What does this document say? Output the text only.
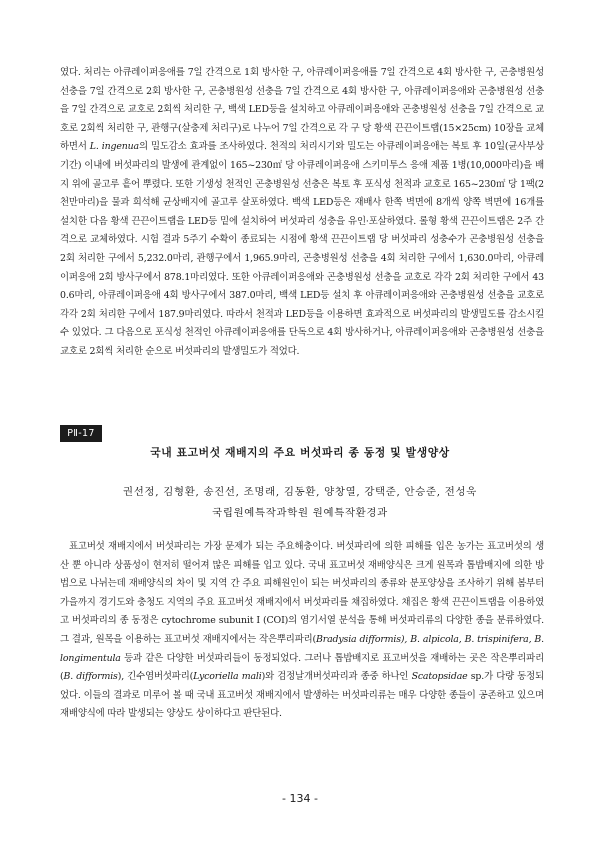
였다. 처리는 아큐레이퍼응애를 7일 간격으로 1회 방사한 구, 아큐레이퍼응애를 7일 간격으로 4회 방사한 구, 곤충병원성 선충을 7일 간격으로 2회 방사한 구, 곤충병원성 선충을 7일 간격으로 4회 방사한 구, 아큐레이퍼응애와 곤충병원성 선충을 7일 간격으로 교호로 2회씩 처리한 구, 백색 LED등을 설치하고 아큐레이퍼응애와 곤충병원성 선충을 7일 간격으로 교호로 2회씩 처리한 구, 관행구(살충제 처리구)로 나누어 7일 간격으로 각 구 당 황색 끈끈이트랩(15×25cm) 10장을 교체하면서 L. ingenua의 밀도감소 효과를 조사하였다. 천적의 처리시기와 밀도는 아큐레이퍼응애는 복토 후 10일(균사부상 기간) 이내에 버섯파리의 발생에 관계없이 165~230㎡ 당 아큐레이퍼응애 스키미투스 응애 제품 1병(10,000마리)을 배지 위에 골고루 흩어 뿌렸다. 또한 기생성 천적인 곤충병원성 선충은 복토 후 포식성 천적과 교호로 165~230㎡ 당 1팩(2천만마리)을 물과 희석해 균상배지에 골고루 살포하였다. 백색 LED등은 재배사 한쪽 벽면에 8개씩 양쪽 벽면에 16개를 설치한 다음 황색 끈끈이트랩을 LED등 밑에 설치하여 버섯파리 성충을 유인·포살하였다. 롤형 황색 끈끈이트랩은 2주 간격으로 교체하였다. 시험 결과 5주기 수확이 종료되는 시점에 황색 끈끈이트랩 당 버섯파리 성충수가 곤충병원성 선충을 2회 처리한 구에서 5,232.0마리, 관행구에서 1,965.9마리, 곤충병원성 선충을 4회 처리한 구에서 1,630.0마리, 아큐레이퍼응애 2회 방사구에서 878.1마리였다. 또한 아큐레이퍼응애와 곤충병원성 선충을 교호로 각각 2회 처리한 구에서 430.6마리, 아큐레이퍼응애 4회 방사구에서 387.0마리, 백색 LED등 설치 후 아큐레이퍼응애와 곤충병원성 선충을 교호로 각각 2회 처리한 구에서 187.9마리였다. 따라서 천적과 LED등을 이용하면 효과적으로 버섯파리의 발생밀도를 감소시킬 수 있었다. 그 다음으로 포식성 천적인 아큐레이퍼응애를 단독으로 4회 방사하거나, 아큐레이퍼응애와 곤충병원성 선충을 교호로 2회씩 처리한 순으로 버섯파리의 발생밀도가 적었다.

PⅡ-17
국내 표고버섯 재배지의 주요 버섯파리 종 동정 및 발생양상

권선정, 김형환, 송진선, 조명래, 김동환, 양창열, 강택준, 안승준, 전성욱

국립원예특작과학원 원예특작환경과

표고버섯 재배지에서 버섯파리는 가장 문제가 되는 주요해충이다. 버섯파리에 의한 피해를 입은 농가는 표고버섯의 생산 뿐 아니라 상품성이 현저히 떨어져 많은 피해를 입고 있다. 국내 표고버섯 재배양식은 크게 원목과 톱밥배지에 의한 방법으로 나뉘는데 재배양식의 차이 및 지역 간 주요 피해원인이 되는 버섯파리의 종류와 분포양상을 조사하기 위해 봄부터 가을까지 경기도와 충청도 지역의 주요 표고버섯 재배지에서 버섯파리를 채집하였다. 채집은 황색 끈끈이트랩을 이용하였고 버섯파리의 종 동정은 cytochrome subunit I (COI)의 염기서열 분석을 통해 버섯파리류의 다양한 종을 분류하였다. 그 결과, 원목을 이용하는 표고버섯 재배지에서는 작은뿌리파리(Bradysia difformis), B. alpicola, B. trispinifera, B. longimentula 등과 같은 다양한 버섯파리들이 동정되었다. 그러나 톱밥배지로 표고버섯을 재배하는 곳은 작은뿌리파리(B. difformis), 긴수염버섯파리(Lycoriella mali)와 검정날개버섯파리과 종중 하나인 Scatopsidae sp.가 다량 동정되었다. 이들의 결과로 미루어 볼 때 국내 표고버섯 재배지에서 발생하는 버섯파리류는 매우 다양한 종들이 공존하고 있으며 재배양식에 따라 발생되는 양상도 상이하다고 판단된다.

- 134 -
